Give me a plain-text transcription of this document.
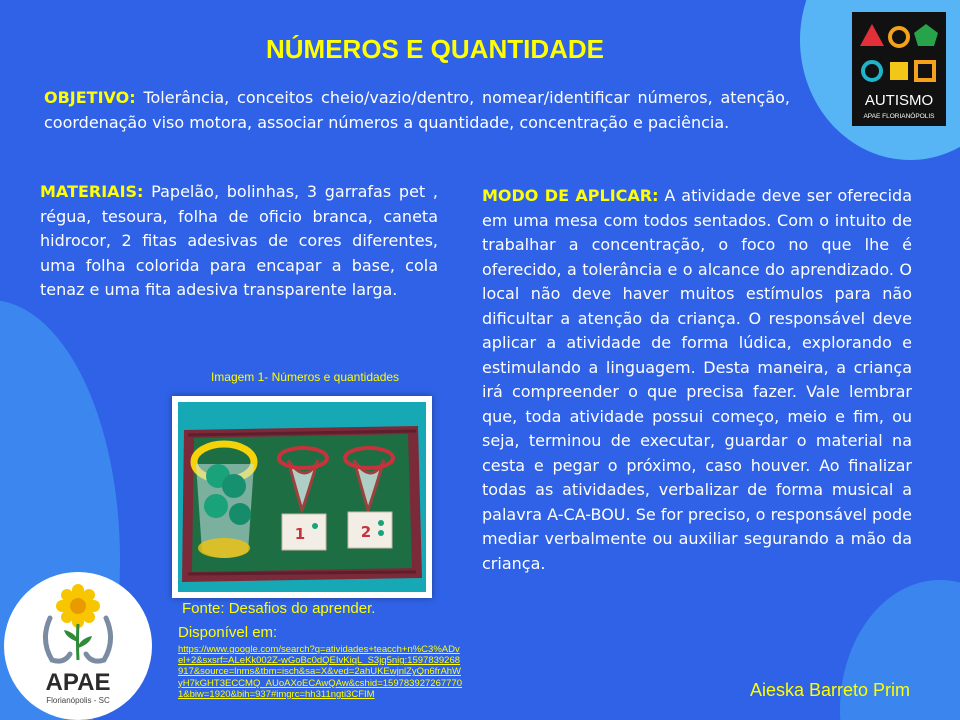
NÚMEROS E QUANTIDADE

OBJETIVO: Tolerância, conceitos cheio/vazio/dentro, nomear/identificar números, atenção, coordenação viso motora, associar números a quantidade, concentração e paciência.

MATERIAIS: Papelão, bolinhas, 3 garrafas pet , régua, tesoura, folha de oficio branca, caneta hidrocor, 2 fitas adesivas de cores diferentes, uma folha colorida para encapar a base, cola tenaz e uma fita adesiva transparente larga.

MODO DE APLICAR: A atividade deve ser oferecida em uma mesa com todos sentados. Com o intuito de trabalhar a concentração, o foco no que lhe é oferecido, a tolerância e o alcance do aprendizado. O local não deve haver muitos estímulos para não dificultar a atenção da criança. O responsável deve aplicar a atividade de forma lúdica, explorando e estimulando a linguagem. Desta maneira, a criança irá compreender o que precisa fazer. Vale lembrar que, toda atividade possui começo, meio e fim, ou seja, terminou de executar, guardar o material na cesta e pegar o próximo, caso houver. Ao finalizar todas as atividades, verbalizar de forma musical a palavra A-CA-BOU. Se for preciso, o responsável pode mediar verbalmente ou auxiliar segurando a mão da criança.

Imagem 1- Números e quantidades

1	2

Fonte: Desafios do aprender.

Disponível em:

https://www.google.com/search?q=atividades+teacch+n%C3%ADvel+2&sxsrf=ALeKk002Z-wGoBc0dQEIvKiqL_S3jq5nig:1597839268917&source=lnms&tbm=isch&sa=X&ved=2ahUKEwjnlZyQn6frAhWyH7kGHT3ECCMQ_AUoAXoECAwQAw&cshid=1597839272677701&biw=1920&bih=937#imgrc=hh311ngti3CFIM	Aieska Barreto Prim

AUTISMO
APAE FLORIANÓPOLIS
APAE
Florianópolis - SC
